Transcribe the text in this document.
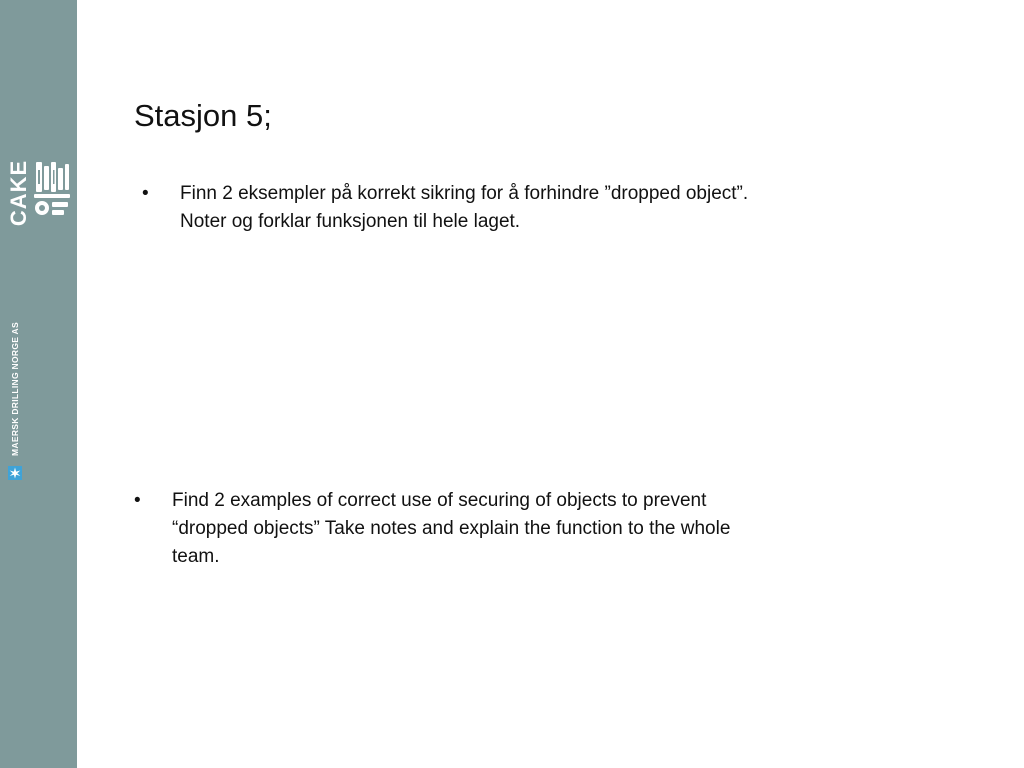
CAKE
MAERSK DRILLING NORGE AS
Stasjon 5;
• Finn 2 eksempler på korrekt sikring for å forhindre ”dropped object”.
Noter og forklar funksjonen til hele laget.
• Find 2 examples of correct use of securing of objects to prevent
“dropped objects” Take notes and explain the function to the whole
team.
